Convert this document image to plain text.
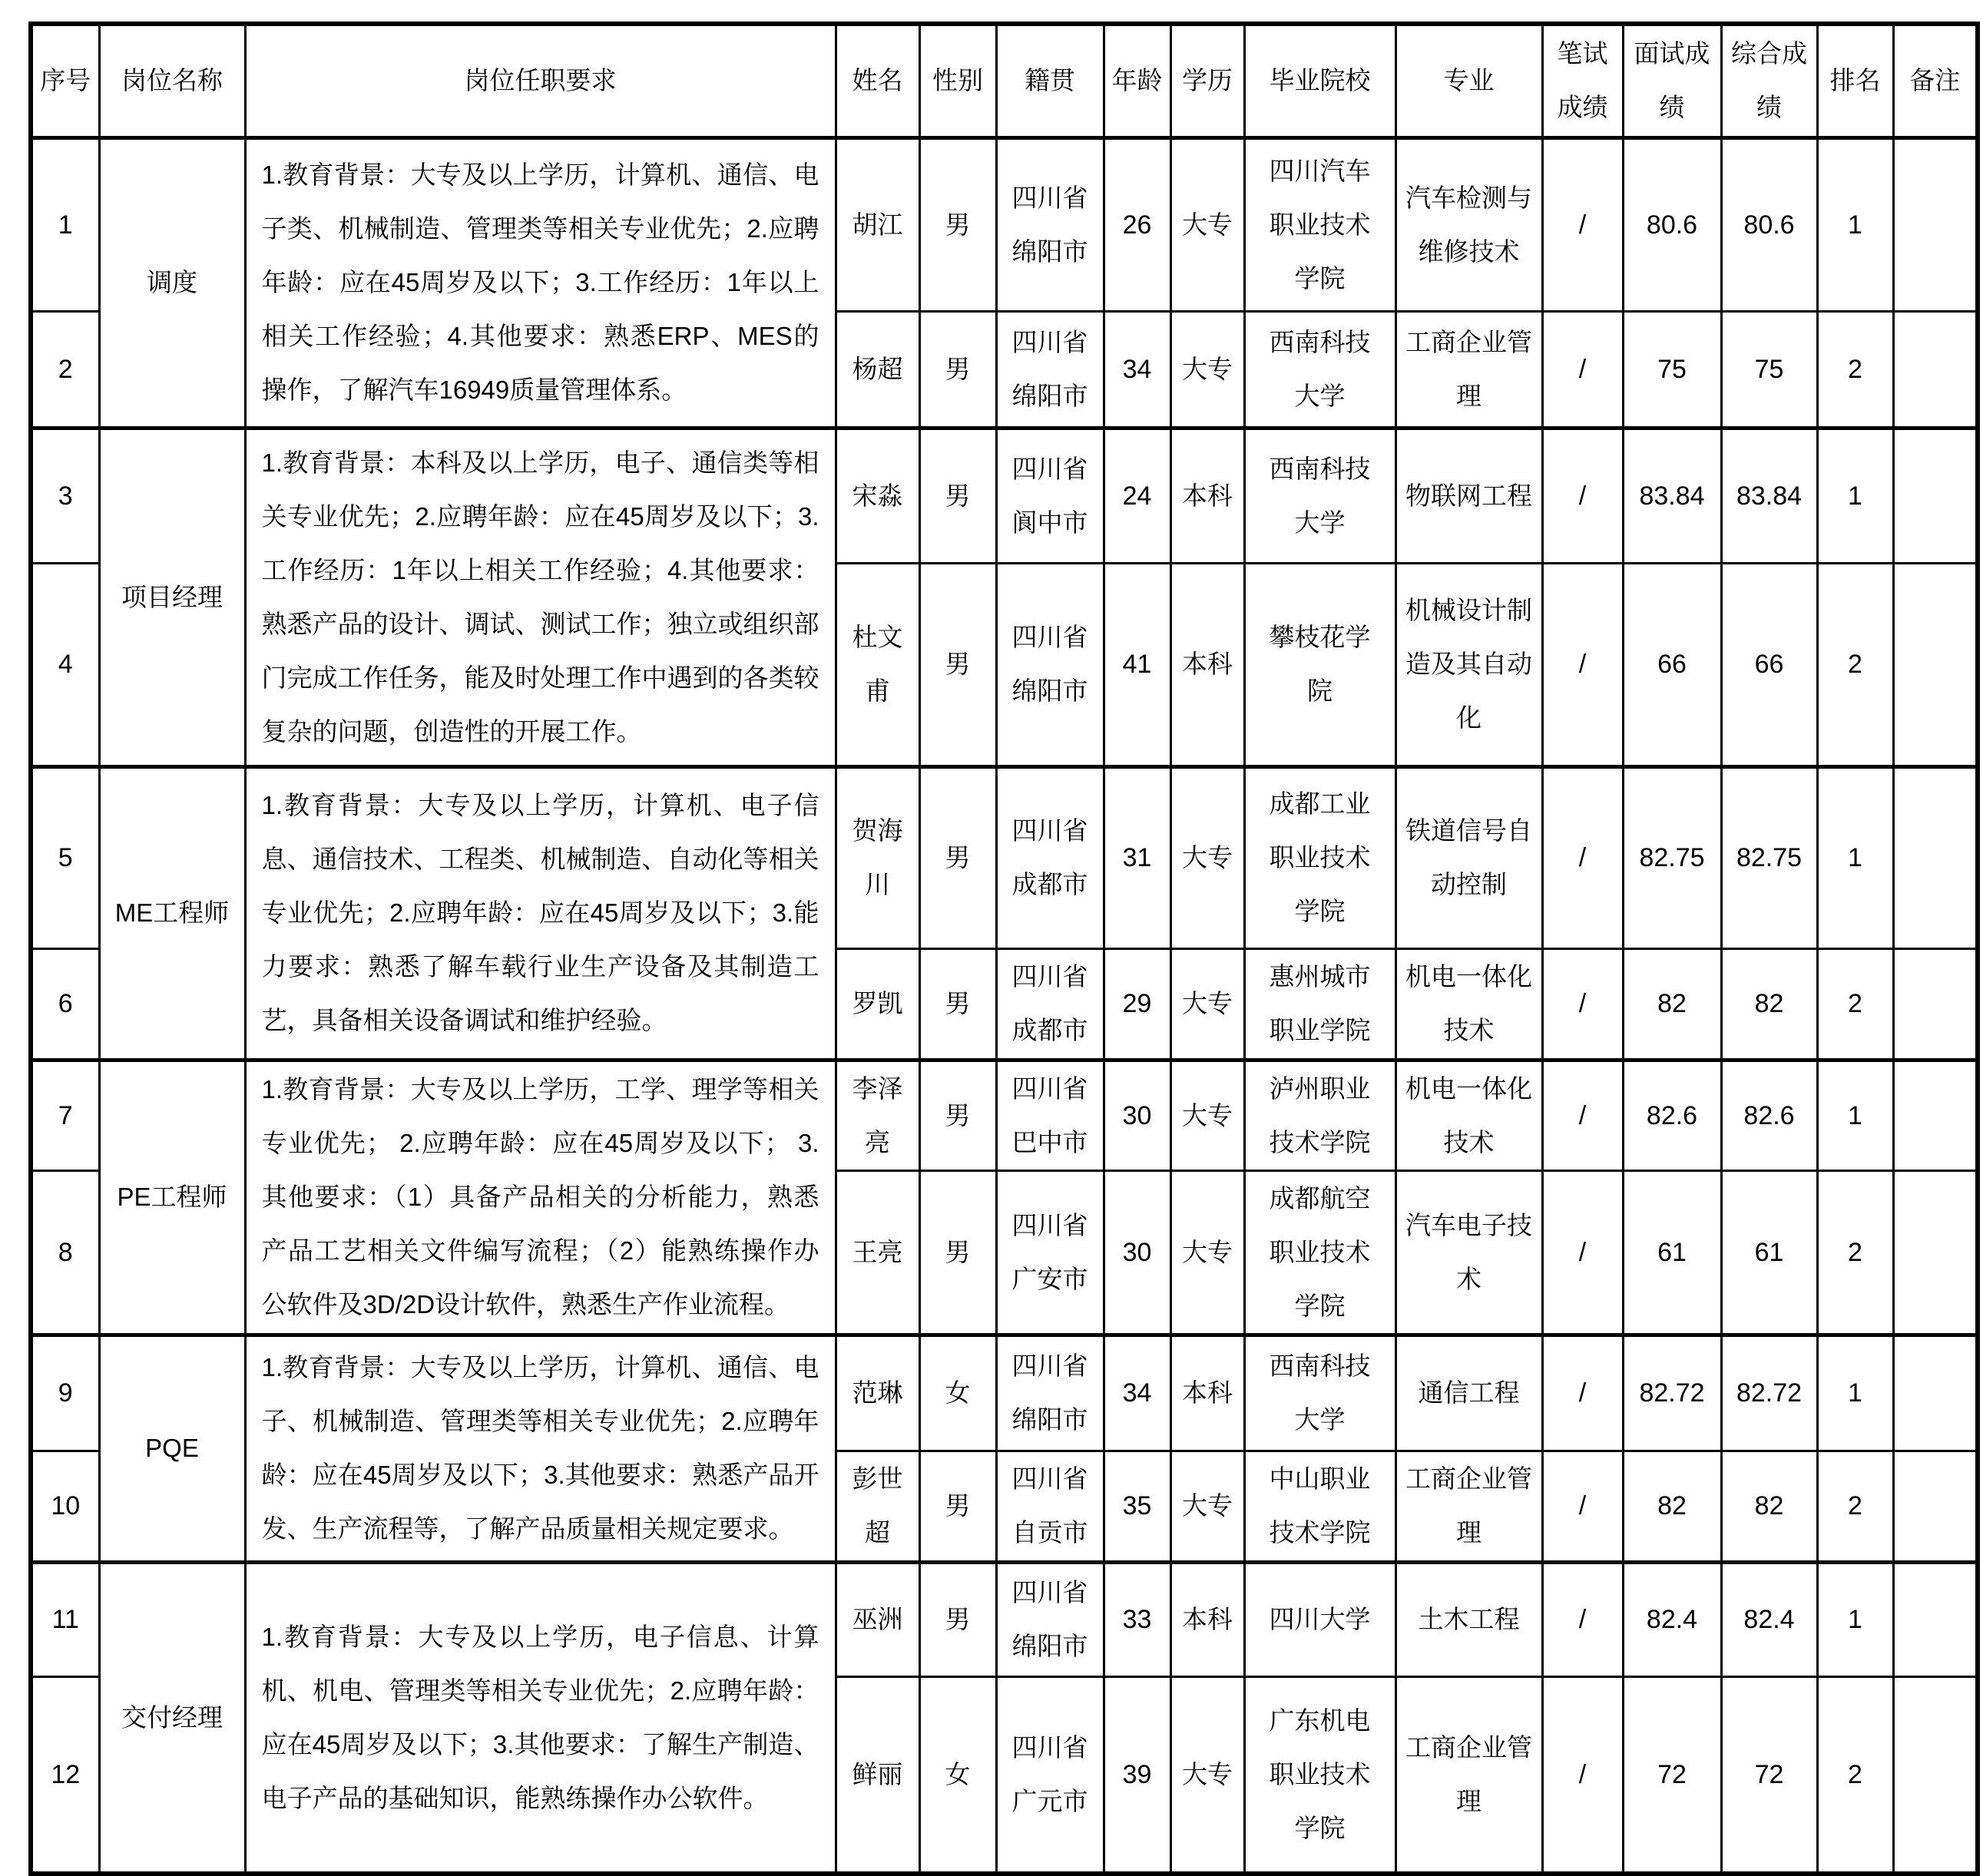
序号	岗位名称	岗位任职要求	姓名	性别	籍贯	年龄	学历	毕业院校	专业	笔试成绩	面试成绩	综合成绩	排名	备注
1	调度	1.教育背景：大专及以上学历，计算机、通信、电子类、机械制造、管理类等相关专业优先；2.应聘年龄：应在45周岁及以下；3.工作经历：1年以上相关工作经验；4.其他要求：熟悉ERP、MES的操作，了解汽车16949质量管理体系。	胡江	男	四川省绵阳市	26	大专	四川汽车职业技术学院	汽车检测与维修技术	/	80.6	80.6	1	
2			杨超	男	四川省绵阳市	34	大专	西南科技大学	工商企业管理	/	75	75	2	
3	项目经理	1.教育背景：本科及以上学历，电子、通信类等相关专业优先；2.应聘年龄：应在45周岁及以下；3.工作经历：1年以上相关工作经验；4.其他要求：熟悉产品的设计、调试、测试工作；独立或组织部门完成工作任务，能及时处理工作中遇到的各类较复杂的问题，创造性的开展工作。	宋淼	男	四川省阆中市	24	本科	西南科技大学	物联网工程	/	83.84	83.84	1	
4			杜文甫	男	四川省绵阳市	41	本科	攀枝花学院	机械设计制造及其自动化	/	66	66	2	
5	ME工程师	1.教育背景：大专及以上学历，计算机、电子信息、通信技术、工程类、机械制造、自动化等相关专业优先；2.应聘年龄：应在45周岁及以下；3.能力要求：熟悉了解车载行业生产设备及其制造工艺，具备相关设备调试和维护经验。	贺海川	男	四川省成都市	31	大专	成都工业职业技术学院	铁道信号自动控制	/	82.75	82.75	1	
6			罗凯	男	四川省成都市	29	大专	惠州城市职业学院	机电一体化技术	/	82	82	2	
7	PE工程师	1.教育背景：大专及以上学历，工学、理学等相关专业优先； 2.应聘年龄：应在45周岁及以下； 3.其他要求：（1）具备产品相关的分析能力，熟悉产品工艺相关文件编写流程；（2）能熟练操作办公软件及3D/2D设计软件，熟悉生产作业流程。	李泽亮	男	四川省巴中市	30	大专	泸州职业技术学院	机电一体化技术	/	82.6	82.6	1	
8			王亮	男	四川省广安市	30	大专	成都航空职业技术学院	汽车电子技术	/	61	61	2	
9	PQE	1.教育背景：大专及以上学历，计算机、通信、电子、机械制造、管理类等相关专业优先；2.应聘年龄：应在45周岁及以下；3.其他要求：熟悉产品开发、生产流程等，了解产品质量相关规定要求。	范琳	女	四川省绵阳市	34	本科	西南科技大学	通信工程	/	82.72	82.72	1	
10			彭世超	男	四川省自贡市	35	大专	中山职业技术学院	工商企业管理	/	82	82	2	
11	交付经理	1.教育背景：大专及以上学历，电子信息、计算机、机电、管理类等相关专业优先；2.应聘年龄：应在45周岁及以下；3.其他要求：了解生产制造、电子产品的基础知识，能熟练操作办公软件。	巫洲	男	四川省绵阳市	33	本科	四川大学	土木工程	/	82.4	82.4	1	
12			鲜丽	女	四川省广元市	39	大专	广东机电职业技术学院	工商企业管理	/	72	72	2	
